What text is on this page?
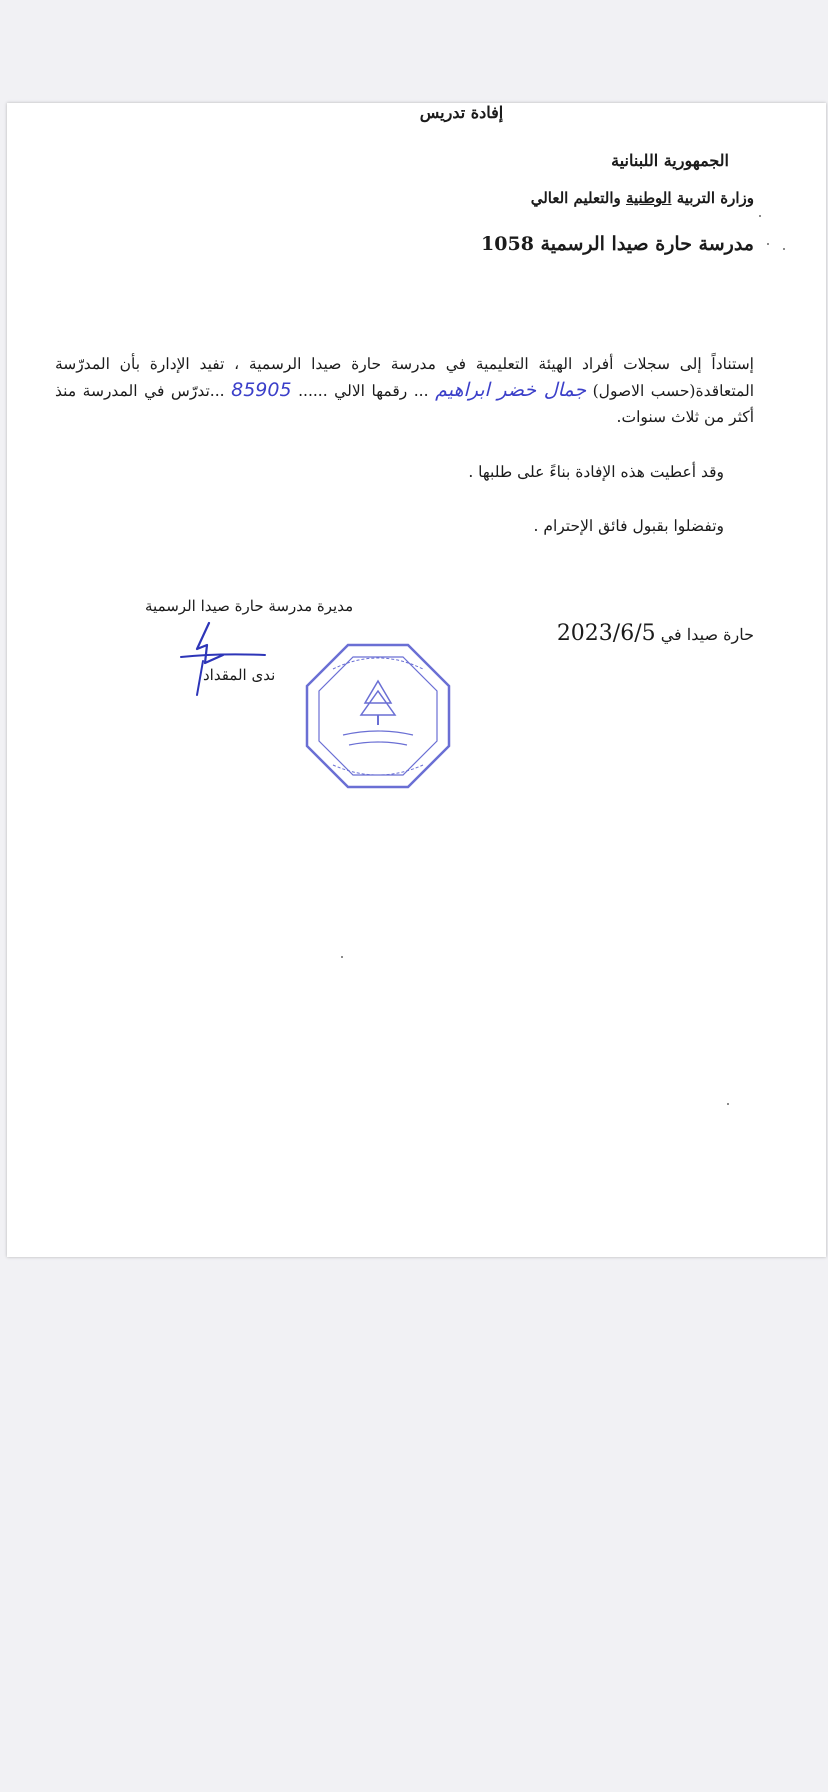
الجمهورية اللبنانية
وزارة التربية الوطنية والتعليم العالي
مدرسة حارة صيدا الرسمية 1058
إفادة تدريس
إستناداً إلى سجلات أفراد الهيئة التعليمية في مدرسة حارة صيدا الرسمية ، تفيد الإدارة بأن المدرّسة المتعاقدة(حسب الاصول) جمال خضر ابراهيم ... رقمها الالي ...... 85905 ...تدرّس في المدرسة منذ أكثر من ثلاث سنوات.
وقد أعطيت هذه الإفادة بناءً على طلبها .
وتفضلوا بقبول فائق الإحترام .
حارة صيدا في 2023/6/5
مديرة مدرسة حارة صيدا الرسمية
ندى المقداد
